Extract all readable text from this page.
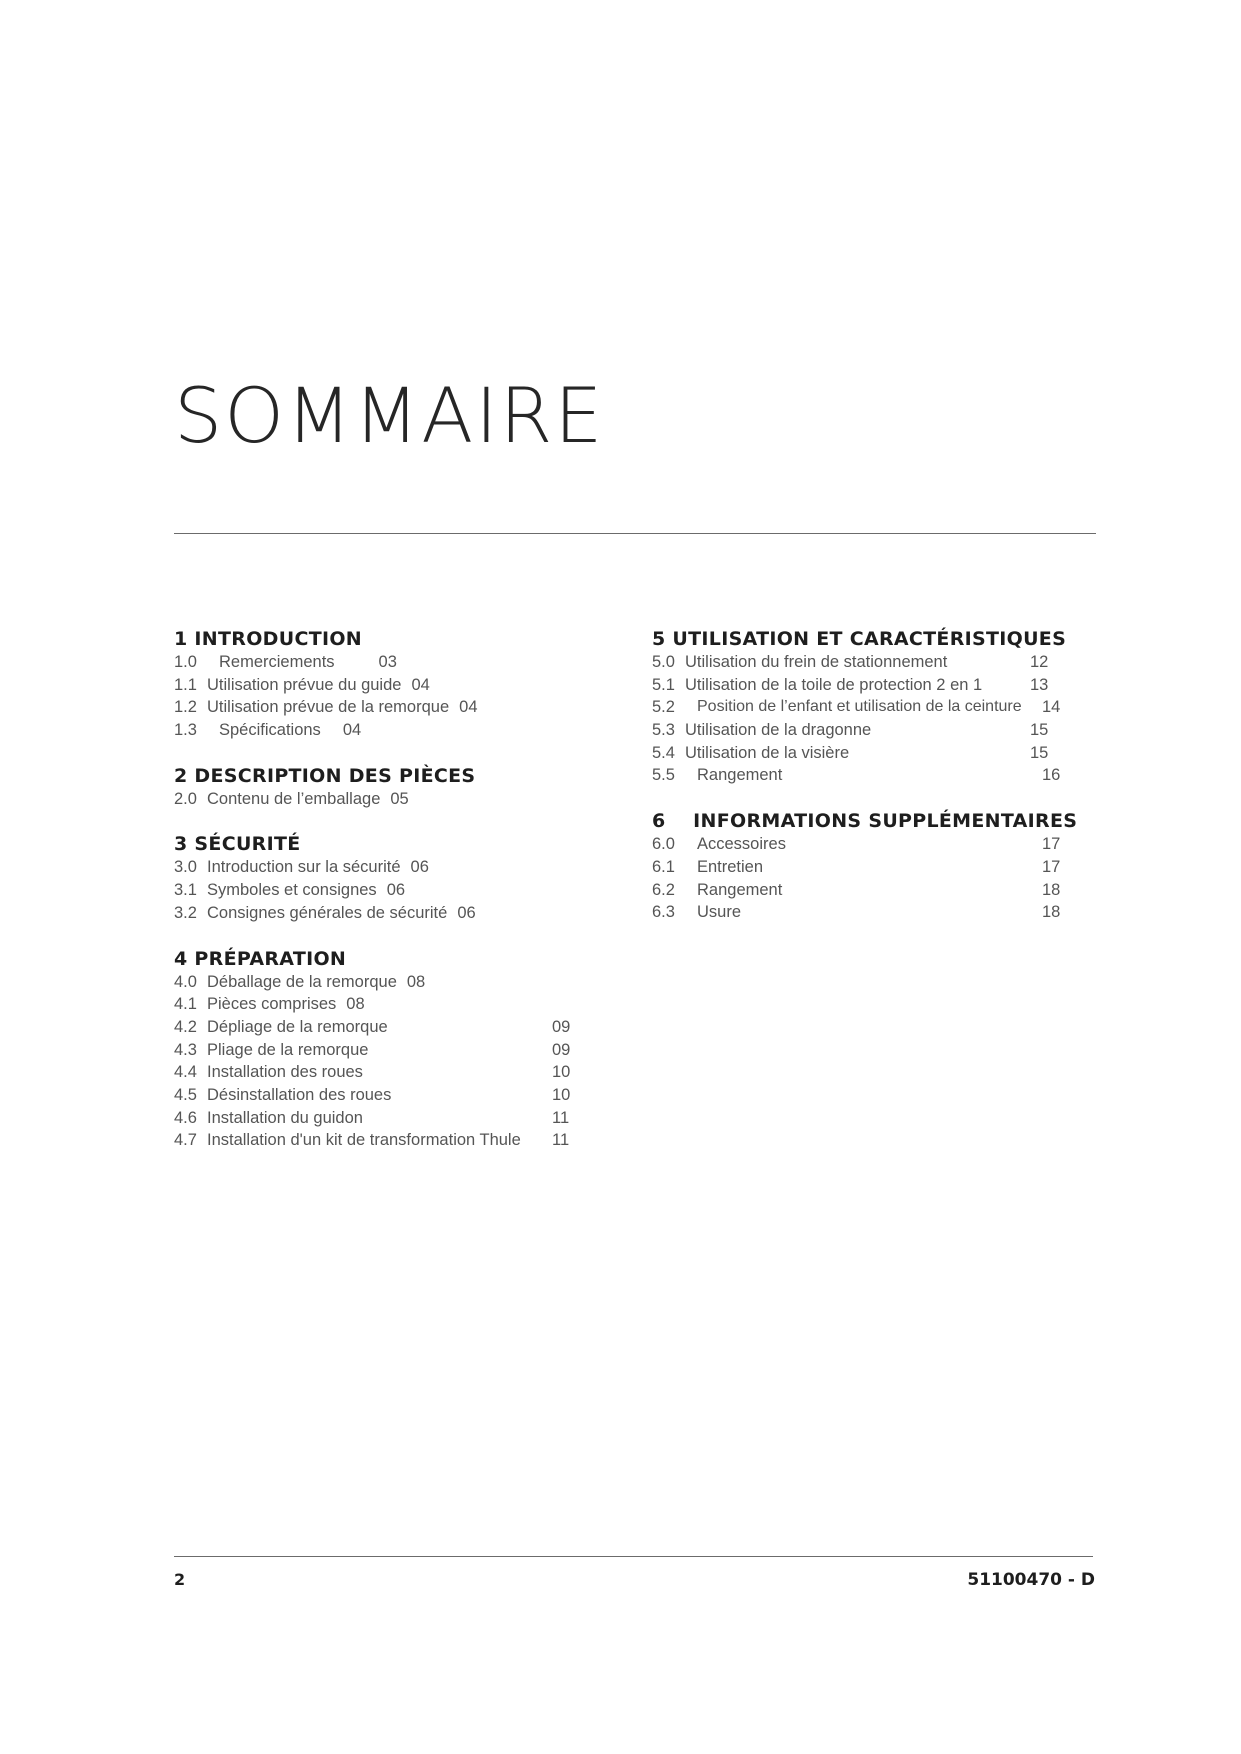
SOMMAIRE
1 INTRODUCTION
1.0 Remerciements	03
1.1 Utilisation prévue du guide 04
1.2 Utilisation prévue de la remorque 04
1.3 Spécifications 04
2 DESCRIPTION DES PIÈCES
2.0 Contenu de l’emballage 05
3 SÉCURITÉ
3.0 Introduction sur la sécurité 06
3.1 Symboles et consignes 06
3.2 Consignes générales de sécurité 06
4 PRÉPARATION
4.0 Déballage de la remorque 08
4.1 Pièces comprises 08
4.2 Dépliage de la remorque	09
4.3 Pliage de la remorque	09
4.4 Installation des roues	10
4.5 Désinstallation des roues	10
4.6 Installation du guidon	11
4.7 Installation d'un kit de transformation Thule 11
5 UTILISATION ET CARACTÉRISTIQUES
5.0 Utilisation du frein de stationnement	12
5.1 Utilisation de la toile de protection 2 en 1	13
5.2 Position de l’enfant et utilisation de la ceinture 14
5.3 Utilisation de la dragonne	15
5.4 Utilisation de la visière	15
5.5 Rangement	16
6    INFORMATIONS SUPPLÉMENTAIRES
6.0 Accessoires	17
6.1 Entretien	17
6.2 Rangement	18
6.3 Usure	18
2	51100470 - D
